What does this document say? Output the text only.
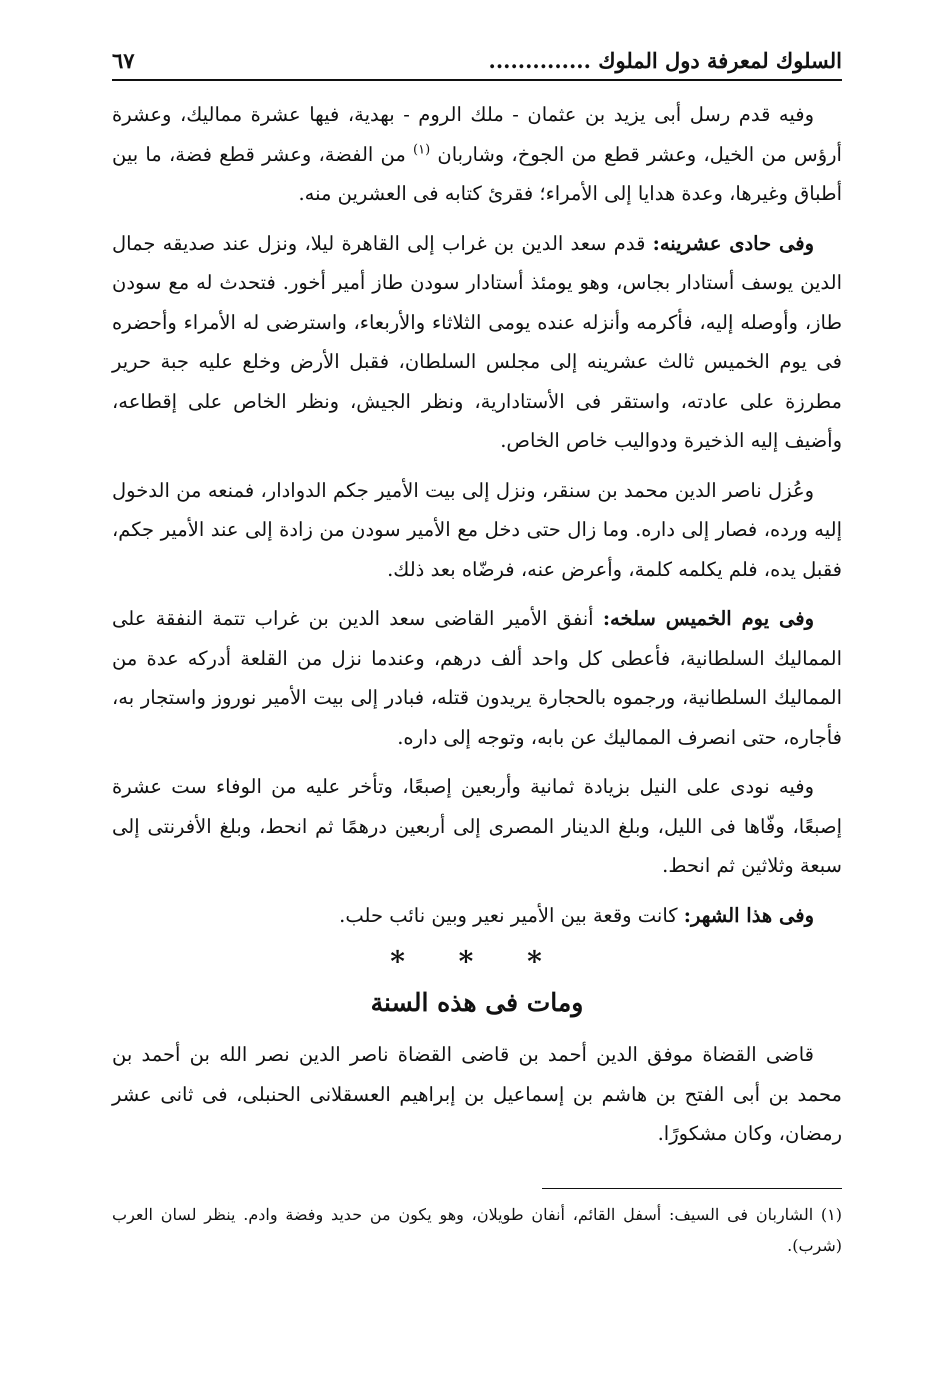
السلوك لمعرفة دول الملوك ..............
٦٧

وفيه قدم رسل أبى يزيد بن عثمان - ملك الروم - بهدية، فيها عشرة مماليك، وعشرة أرؤس من الخيل، وعشر قطع من الجوخ، وشاربان $^{(١)}$ من الفضة، وعشر قطع فضة، ما بين أطباق وغيرها، وعدة هدايا إلى الأمراء؛ فقرئ كتابه فى العشرين منه.

وفى حادى عشرينه: قدم سعد الدين بن غراب إلى القاهرة ليلا، ونزل عند صديقه جمال الدين يوسف أستادار بجاس، وهو يومئذ أستادار سودن طاز أمير أخور. فتحدث له مع سودن طاز، وأوصله إليه، فأكرمه وأنزله عنده يومى الثلاثاء والأربعاء، واسترضى له الأمراء وأحضره فى يوم الخميس ثالث عشرينه إلى مجلس السلطان، فقبل الأرض وخلع عليه جبة حرير مطرزة على عادته، واستقر فى الأستادارية، ونظر الجيش، ونظر الخاص على إقطاعه، وأضيف إليه الذخيرة ودواليب خاص الخاص.

وعُزل ناصر الدين محمد بن سنقر، ونزل إلى بيت الأمير جكم الدوادار، فمنعه من الدخول إليه ورده، فصار إلى داره. وما زال حتى دخل مع الأمير سودن من زادة إلى عند الأمير جكم، فقبل يده، فلم يكلمه كلمة، وأعرض عنه، فرضّاه بعد ذلك.

وفى يوم الخميس سلخه: أنفق الأمير القاضى سعد الدين بن غراب تتمة النفقة على المماليك السلطانية، فأعطى كل واحد ألف درهم، وعندما نزل من القلعة أدركه عدة من المماليك السلطانية، ورجموه بالحجارة يريدون قتله، فبادر إلى بيت الأمير نوروز واستجار به، فأجاره، حتى انصرف المماليك عن بابه، وتوجه إلى داره.

وفيه نودى على النيل بزيادة ثمانية وأربعين إصبعًا، وتأخر عليه من الوفاء ست عشرة إصبعًا، وفّاها فى الليل، وبلغ الدينار المصرى إلى أربعين درهمًا ثم انحط، وبلغ الأفرنتى إلى سبعة وثلاثين ثم انحط.

وفى هذا الشهر: كانت وقعة بين الأمير نعير وبين نائب حلب.

* * *
ومات فى هذه السنة

قاضى القضاة موفق الدين أحمد بن قاضى القضاة ناصر الدين نصر الله بن أحمد بن محمد بن أبى الفتح بن هاشم بن إسماعيل بن إبراهيم العسقلانى الحنبلى، فى ثانى عشر رمضان، وكان مشكورًا.

(١) الشاربان فى السيف: أسفل القائم، أنفان طويلان، وهو يكون من حديد وفضة وادم. ينظر لسان العرب (شرب).
